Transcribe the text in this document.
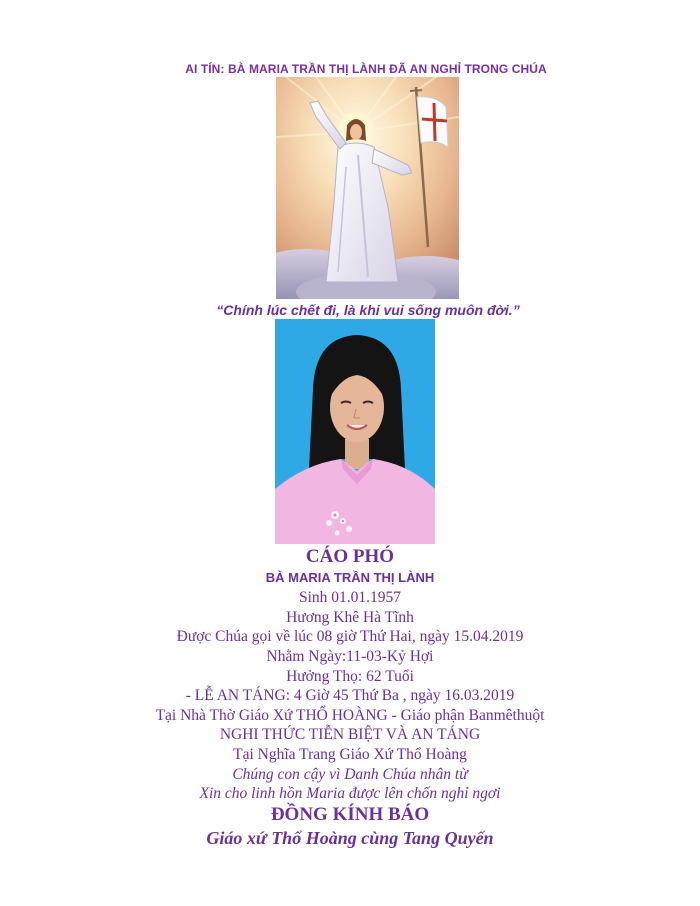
AI TÍN: BÀ MARIA TRẦN THỊ LÀNH ĐÃ AN NGHỈ TRONG CHÚA
“Chính lúc chết đi, là khi vui sống muôn đời.”
CÁO PHÓ
BÀ MARIA TRẦN THỊ LÀNH
Sinh 01.01.1957
Hương Khê Hà Tĩnh
Được Chúa gọi về lúc 08 giờ Thứ Hai, ngày 15.04.2019
Nhằm Ngày:11-03-Kỷ Hợi
Hưởng Thọ: 62 Tuổi
- LỄ AN TÁNG: 4 Giờ 45 Thứ Ba , ngày 16.03.2019
Tại Nhà Thờ Giáo Xứ THỔ HOÀNG - Giáo phận Banmêthuột
NGHI THỨC TIỄN BIỆT VÀ AN TÁNG
Tại Nghĩa Trang Giáo Xứ Thổ Hoàng
Chúng con cậy vì Danh Chúa nhân từ
Xin cho linh hồn Maria được lên chốn nghỉ ngơi
ĐỒNG KÍNH BÁO
Giáo xứ Thổ Hoàng cùng Tang Quyến
